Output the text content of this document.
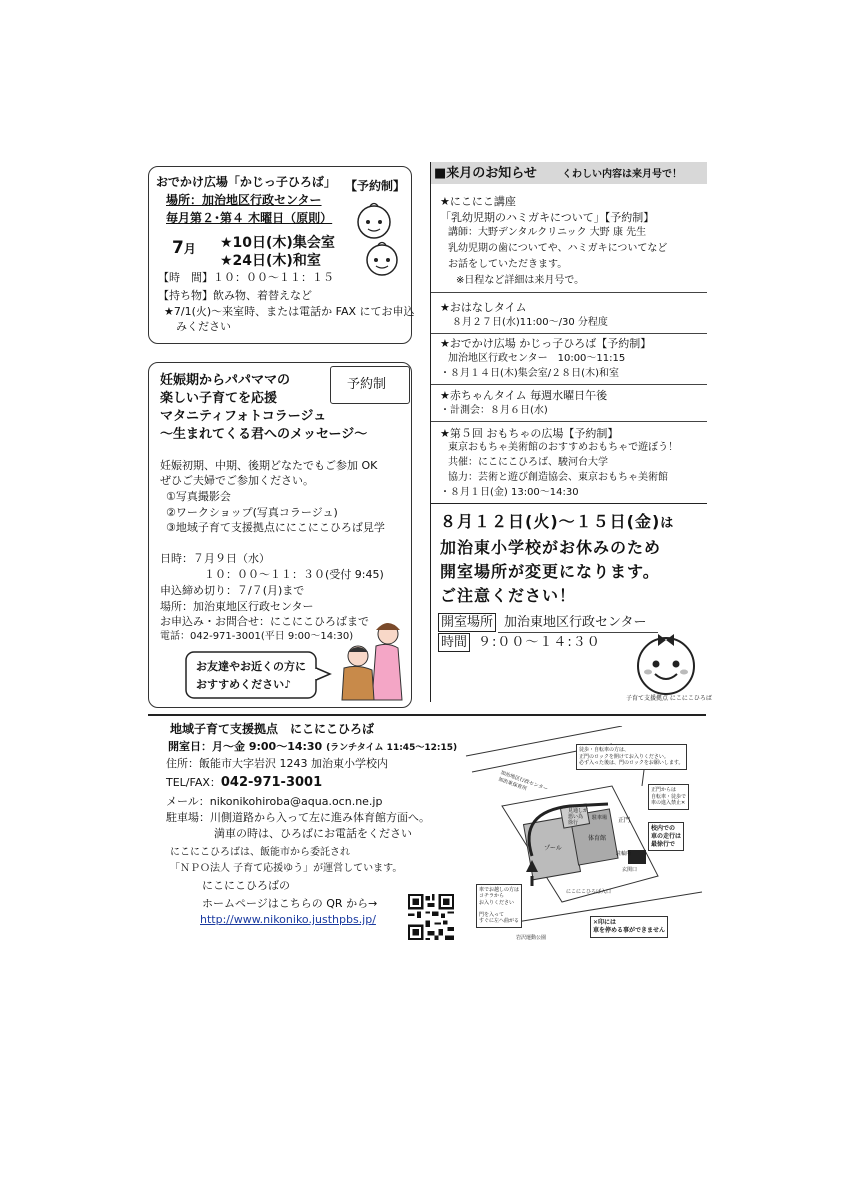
おでかけ広場「かじっ子ひろば」 【予約制】
場所：加治地区行政センター
毎月第２･第４ 木曜日（原則）
7月 ★10日(木)集会室
★24日(木)和室
【時　間】１０：００～１１：１５
【持ち物】飲み物、着替えなど
★7/1(火)～来室時、または電話か FAX にてお申込
みください
妊娠期からパパママの
楽しい子育てを応援
マタニティフォトコラージュ
～生まれてくる君へのメッセージ～
予約制
妊娠初期、中期、後期どなたでもご参加 OK
ぜひご夫婦でご参加ください。
①写真撮影会
②ワークショップ(写真コラージュ)
③地域子育て支援拠点ににこにこひろば見学
日時：７月９日（水）
１０：００～１１：３０(受付 9:45)
申込締め切り：７/７(月)まで
場所：加治東地区行政センター
お申込み・お問合せ：にこにこひろばまで
電話：042-971-3001(平日 9:00～14:30)
お友達やお近くの方に
おすすめください♪
■来月のお知らせ	くわしい内容は来月号で！
★にこにこ講座
「乳幼児期のハミガキについて」【予約制】
講師：大野デンタルクリニック 大野 康 先生
乳幼児期の歯についてや、ハミガキについてなど
お話をしていただきます。
※日程など詳細は来月号で。
★おはなしタイム
８月２７日(水)11:00～/30 分程度
★おでかけ広場 かじっ子ひろば【予約制】
加治地区行政センター　10:00～11:15
・８月１４日(木)集会室/２８日(木)和室
★赤ちゃんタイム 毎週水曜日午後
・計測会：８月６日(水)
★第５回 おもちゃの広場【予約制】
東京おもちゃ美術館のおすすめおもちゃで遊ぼう！
共催：にこにこひろば、駿河台大学
協力：芸術と遊び創造協会、東京おもちゃ美術館
・８月１日(金) 13:00～14:30
８月１２日(火)～１５日(金)は
加治東小学校がお休みのため
開室場所が変更になります。
ご注意ください！
開室場所 加治東地区行政センター
時間 ９:００～１４:３０
子育て支援拠点 にこにこひろば
地域子育て支援拠点　にこにこひろば
開室日：月～金 9:00～14:30 (ランチタイム 11:45～12:15)
住所：飯能市大字岩沢 1243 加治東小学校内
TEL/FAX：042-971-3001
メール：nikonikohiroba@aqua.ocn.ne.jp
駐車場：川側道路から入って左に進み体育館方面へ。
満車の時は、ひろばにお電話をください
にこにこひろばは、飯能市から委託され
「ＮＰＯ法人 子育て応援ゆう」が運営しています。
にこにこひろばの
ホームページはこちらの QR から→
http://www.nikoniko.justhpbs.jp/
徒歩・自転車の方は、
正門のロックを開けてお入りください。
必ず入った後は、門のロックをお願いします。
加治地区行政センター
加治東保育所	正門からは
自転車・徒歩で
車の進入禁止✕
正門
見通しが
悪い為
徐行
駐車場
プール
体育館
校内での
車の走行は
最徐行で
駐輪所
玄関口
にこにこひろば入口
車でお越しの方は
コチラから
お入りください

門を入って
すぐに左へ曲がる
岩沢運動公園
✕印には
車を停める事ができません
